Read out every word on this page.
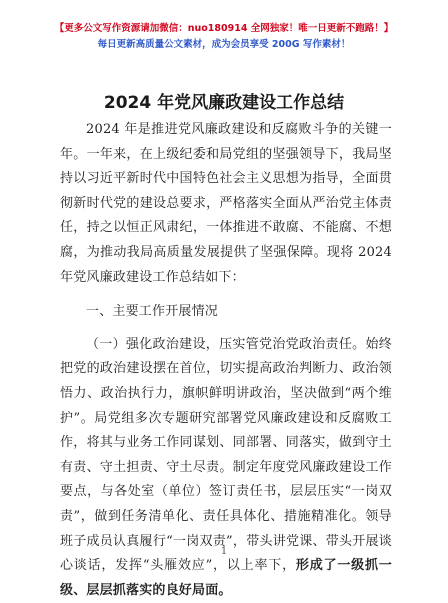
【更多公文写作资源请加微信：nuo180914 全网独家！唯一日更新不跑路！】
每日更新高质量公文素材，成为会员享受 200G 写作素材！
2024 年党风廉政建设工作总结

2024 年是推进党风廉政建设和反腐败斗争的关键一年。一年来，在上级纪委和局党组的坚强领导下，我局坚持以习近平新时代中国特色社会主义思想为指导，全面贯彻新时代党的建设总要求，严格落实全面从严治党主体责任，持之以恒正风肃纪，一体推进不敢腐、不能腐、不想腐，为推动我局高质量发展提供了坚强保障。现将 2024 年党风廉政建设工作总结如下：

一、主要工作开展情况

（一）强化政治建设，压实管党治党政治责任。始终把党的政治建设摆在首位，切实提高政治判断力、政治领悟力、政治执行力，旗帜鲜明讲政治，坚决做到“两个维护”。局党组多次专题研究部署党风廉政建设和反腐败工作，将其与业务工作同谋划、同部署、同落实，做到守土有责、守土担责、守土尽责。制定年度党风廉政建设工作要点，与各处室（单位）签订责任书，层层压实“一岗双责”，做到任务清单化、责任具体化、措施精准化。领导班子成员认真履行“一岗双责”，带头讲党课、带头开展谈心谈话，发挥“头雁效应”，以上率下，形成了一级抓一级、层层抓落实的良好局面。

1
